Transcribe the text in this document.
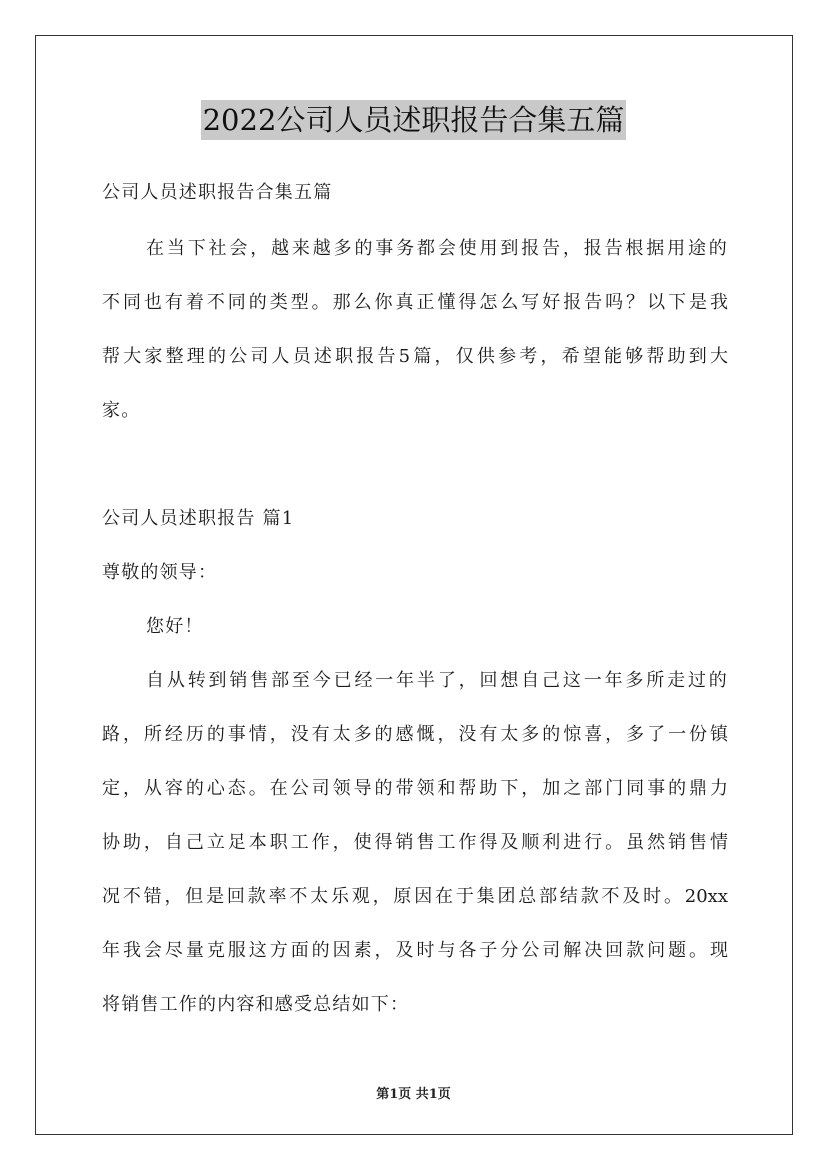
2022公司人员述职报告合集五篇
公司人员述职报告合集五篇
在当下社会，越来越多的事务都会使用到报告，报告根据用途的
不同也有着不同的类型。那么你真正懂得怎么写好报告吗？以下是我
帮大家整理的公司人员述职报告5篇，仅供参考，希望能够帮助到大
家。
公司人员述职报告 篇1
尊敬的领导：
您好！
自从转到销售部至今已经一年半了，回想自己这一年多所走过的
路，所经历的事情，没有太多的感慨，没有太多的惊喜，多了一份镇
定，从容的心态。在公司领导的带领和帮助下，加之部门同事的鼎力
协助，自己立足本职工作，使得销售工作得及顺利进行。虽然销售情
况不错，但是回款率不太乐观，原因在于集团总部结款不及时。20xx
年我会尽量克服这方面的因素，及时与各子分公司解决回款问题。现
将销售工作的内容和感受总结如下：
第1页 共1页
